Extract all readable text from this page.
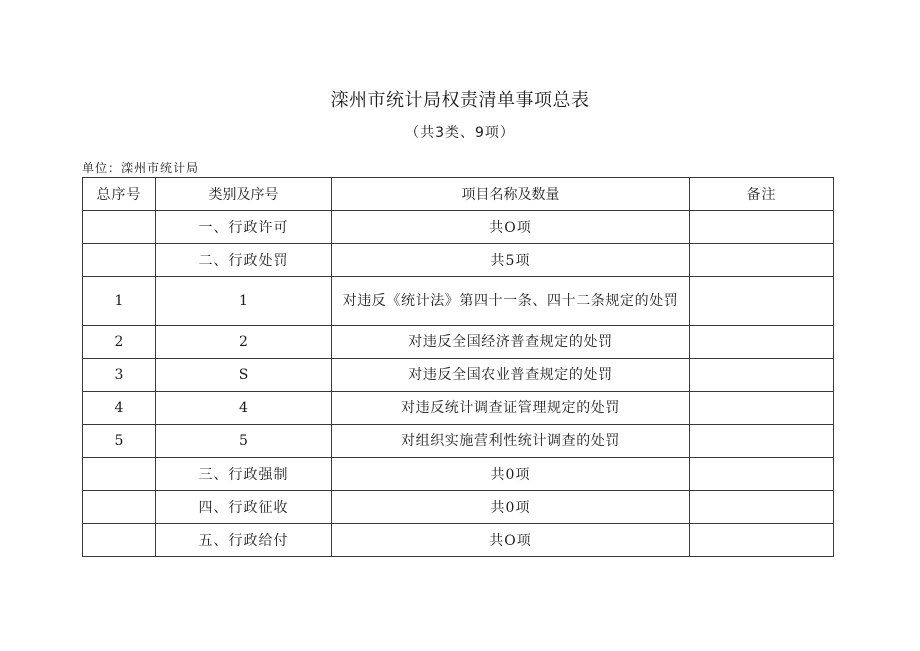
滦州市统计局权责清单事项总表
（共3类、9项）
单位：滦州市统计局
总序号	类别及序号	项目名称及数量	备注
	一、行政许可	共O项	
	二、行政处罚	共5项	
1	1	对违反《统计法》第四十一条、四十二条规定的处罚	
2	2	对违反全国经济普查规定的处罚	
3	S	对违反全国农业普查规定的处罚	
4	4	对违反统计调查证管理规定的处罚	
5	5	对组织实施营利性统计调查的处罚	
	三、行政强制	共0项	
	四、行政征收	共0项	
	五、行政给付	共O项	
